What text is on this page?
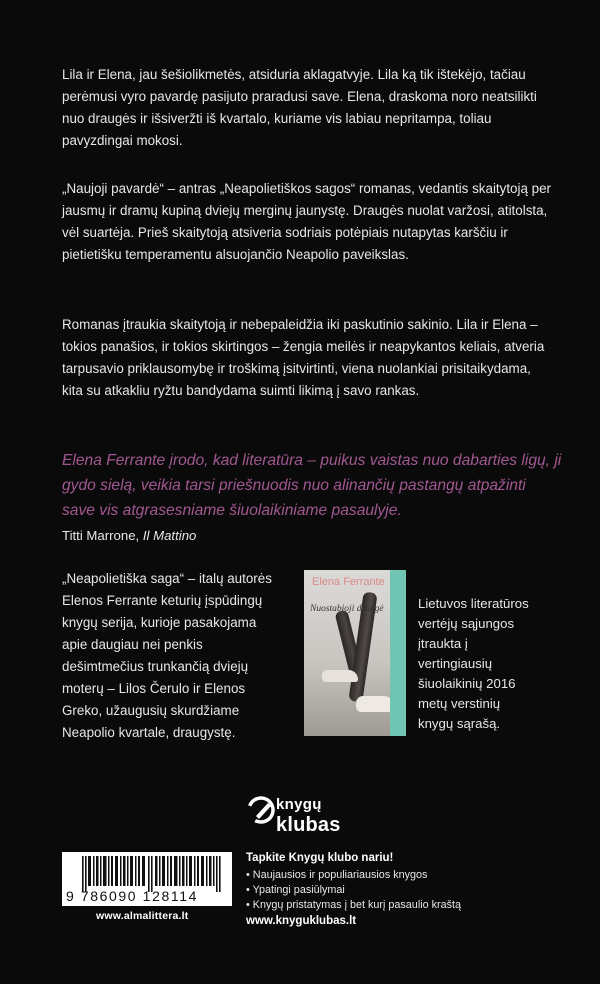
Lila ir Elena, jau šešiolikmetės, atsiduria aklagatvyje. Lila ką tik ištekėjo, tačiau perėmusi vyro pavardę pasijuto praradusi save. Elena, draskoma noro neatsilikti nuo draugės ir išsiveržti iš kvartalo, kuriame vis labiau nepritampa, toliau pavyzdingai mokosi.

„Naujoji pavardė“ – antras „Neapolietiškos sagos“ romanas, vedantis skaitytoją per jausmų ir dramų kupiną dviejų merginų jaunystę. Draugės nuolat varžosi, atitolsta, vėl suartėja. Prieš skaitytoją atsiveria sodriais potėpiais nutapytas karščiu ir pietietišku temperamentu alsuojančio Neapolio paveikslas.

Romanas įtraukia skaitytoją ir nebepaleidžia iki paskutinio sakinio. Lila ir Elena – tokios panašios, ir tokios skirtingos – žengia meilės ir neapykantos keliais, atveria tarpusavio priklausomybę ir troškimą įsitvirtinti, viena nuolankiai prisitaikydama, kita su atkakliu ryžtu bandydama suimti likimą į savo rankas.

Elena Ferrante įrodo, kad literatūra – puikus vaistas nuo dabarties ligų, ji gydo sielą, veikia tarsi priešnuodis nuo alinančių pastangų atpažinti save vis atgrasesniame šiuolaikiniame pasaulyje.

Titti Marrone, Il Mattino

„Neapolietiška saga“ – italų autorės Elenos Ferrante keturių įspūdingų knygų serija, kurioje pasakojama apie daugiau nei penkis dešimtmečius trunkančią dviejų moterų – Lilos Čerulo ir Elenos Greko, užaugusių skurdžiame Neapolio kvartale, draugystę.

Elena Ferrante
Nuostabioji draugė	Lietuvos literatūros vertėjų sąjungos įtraukta į vertingiausių šiuolaikinių 2016 metų verstinių knygų sąrašą.

knygų
klubas
9 786090 128114
www.almalittera.lt
Tapkite Knygų klubo nariu!
• Naujausios ir populiariausios knygos
• Ypatingi pasiūlymai
• Knygų pristatymas į bet kurį pasaulio kraštą
www.knyguklubas.lt
